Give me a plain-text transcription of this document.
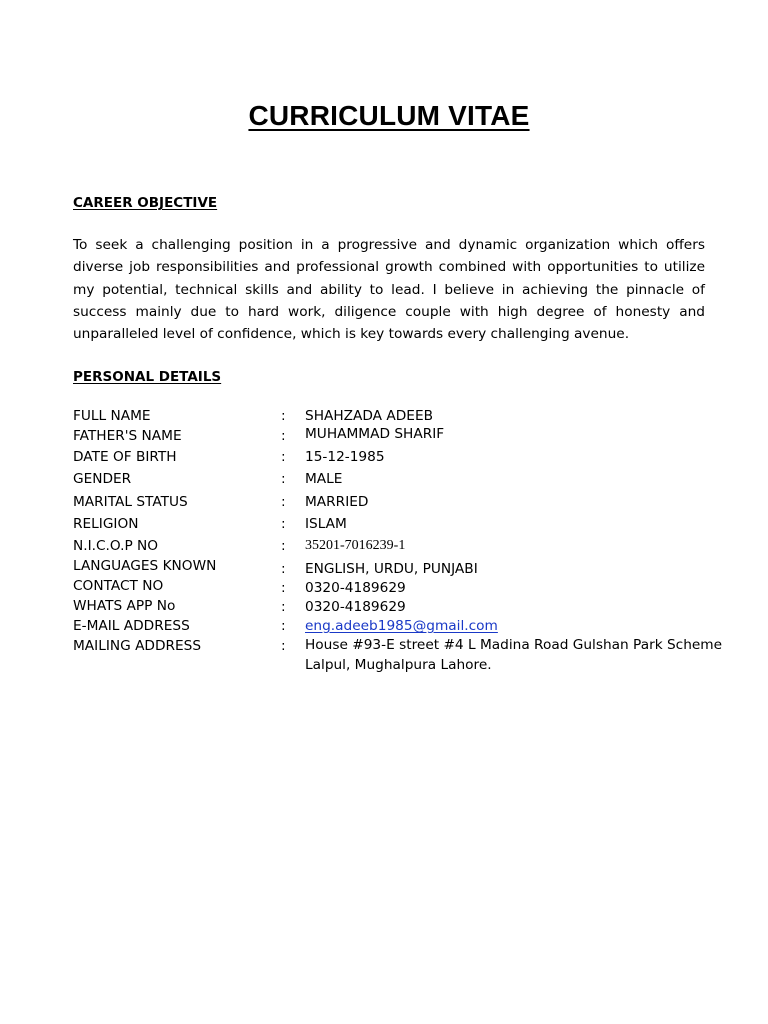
CURRICULUM VITAE
CAREER OBJECTIVE

To seek a challenging position in a progressive and dynamic organization which offers diverse job responsibilities and professional growth combined with opportunities to utilize my potential, technical skills and ability to lead. I believe in achieving the pinnacle of success mainly due to hard work, diligence couple with high degree of honesty and unparalleled level of confidence, which is key towards every challenging avenue.

PERSONAL DETAILS
FULL NAME	: SHAHZADA ADEEB
FATHER'S NAME	: MUHAMMAD SHARIF
DATE OF BIRTH	: 15-12-1985
GENDER	: MALE
MARITAL STATUS	: MARRIED
RELIGION	: ISLAM
N.I.C.O.P NO	: 35201-7016239-1
LANGUAGES KNOWN	: ENGLISH, URDU, PUNJABI
CONTACT NO	: 0320-4189629
WHATS APP No	: 0320-4189629
E-MAIL ADDRESS	: eng.adeeb1985@gmail.com
MAILING ADDRESS	: House #93-E street #4 L Madina Road Gulshan Park Scheme Lalpul, Mughalpura Lahore.
